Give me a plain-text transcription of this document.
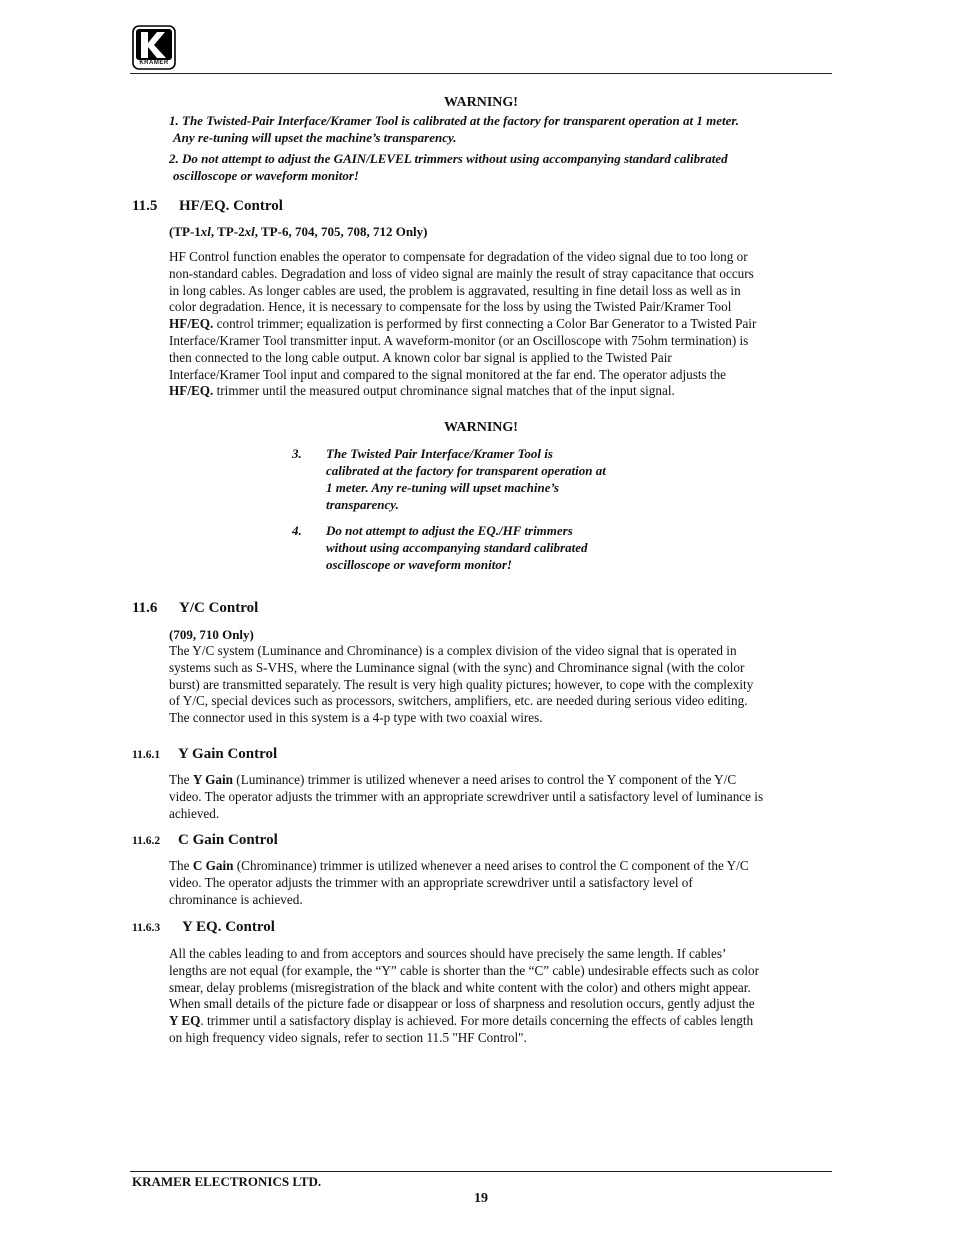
KRAMER
WARNING!
1. The Twisted-Pair Interface/Kramer Tool is calibrated at the factory for transparent operation at 1 meter.
Any re-tuning will upset the machine’s transparency.
2. Do not attempt to adjust the GAIN/LEVEL trimmers without using accompanying standard calibrated
oscilloscope or waveform monitor!
11.5 HF/EQ. Control
(TP-1xl, TP-2xl, TP-6, 704, 705, 708, 712 Only)
HF Control function enables the operator to compensate for degradation of the video signal due to too long or
non-standard cables. Degradation and loss of video signal are mainly the result of stray capacitance that occurs
in long cables. As longer cables are used, the problem is aggravated, resulting in fine detail loss as well as in
color degradation. Hence, it is necessary to compensate for the loss by using the Twisted Pair/Kramer Tool
HF/EQ. control trimmer; equalization is performed by first connecting a Color Bar Generator to a Twisted Pair
Interface/Kramer Tool transmitter input. A waveform-monitor (or an Oscilloscope with 75ohm termination) is
then connected to the long cable output. A known color bar signal is applied to the Twisted Pair
Interface/Kramer Tool input and compared to the signal monitored at the far end. The operator adjusts the
HF/EQ. trimmer until the measured output chrominance signal matches that of the input signal.
WARNING!
3. The Twisted Pair Interface/Kramer Tool is
calibrated at the factory for transparent operation at
1 meter. Any re-tuning will upset machine’s
transparency.
4. Do not attempt to adjust the EQ./HF trimmers
without using accompanying standard calibrated
oscilloscope or waveform monitor!
11.6 Y/C Control
(709, 710 Only)
The Y/C system (Luminance and Chrominance) is a complex division of the video signal that is operated in
systems such as S-VHS, where the Luminance signal (with the sync) and Chrominance signal (with the color
burst) are transmitted separately. The result is very high quality pictures; however, to cope with the complexity
of Y/C, special devices such as processors, switchers, amplifiers, etc. are needed during serious video editing.
The connector used in this system is a 4-p type with two coaxial wires.
11.6.1 Y Gain Control
The Y Gain (Luminance) trimmer is utilized whenever a need arises to control the Y component of the Y/C
video. The operator adjusts the trimmer with an appropriate screwdriver until a satisfactory level of luminance is
achieved.
11.6.2 C Gain Control
The C Gain (Chrominance) trimmer is utilized whenever a need arises to control the C component of the Y/C
video. The operator adjusts the trimmer with an appropriate screwdriver until a satisfactory level of
chrominance is achieved.
11.6.3 Y EQ. Control
All the cables leading to and from acceptors and sources should have precisely the same length. If cables’
lengths are not equal (for example, the “Y” cable is shorter than the “C” cable) undesirable effects such as color
smear, delay problems (misregistration of the black and white content with the color) and others might appear.
When small details of the picture fade or disappear or loss of sharpness and resolution occurs, gently adjust the
Y EQ. trimmer until a satisfactory display is achieved. For more details concerning the effects of cables length
on high frequency video signals, refer to section 11.5 "HF Control".
KRAMER ELECTRONICS LTD.
19
